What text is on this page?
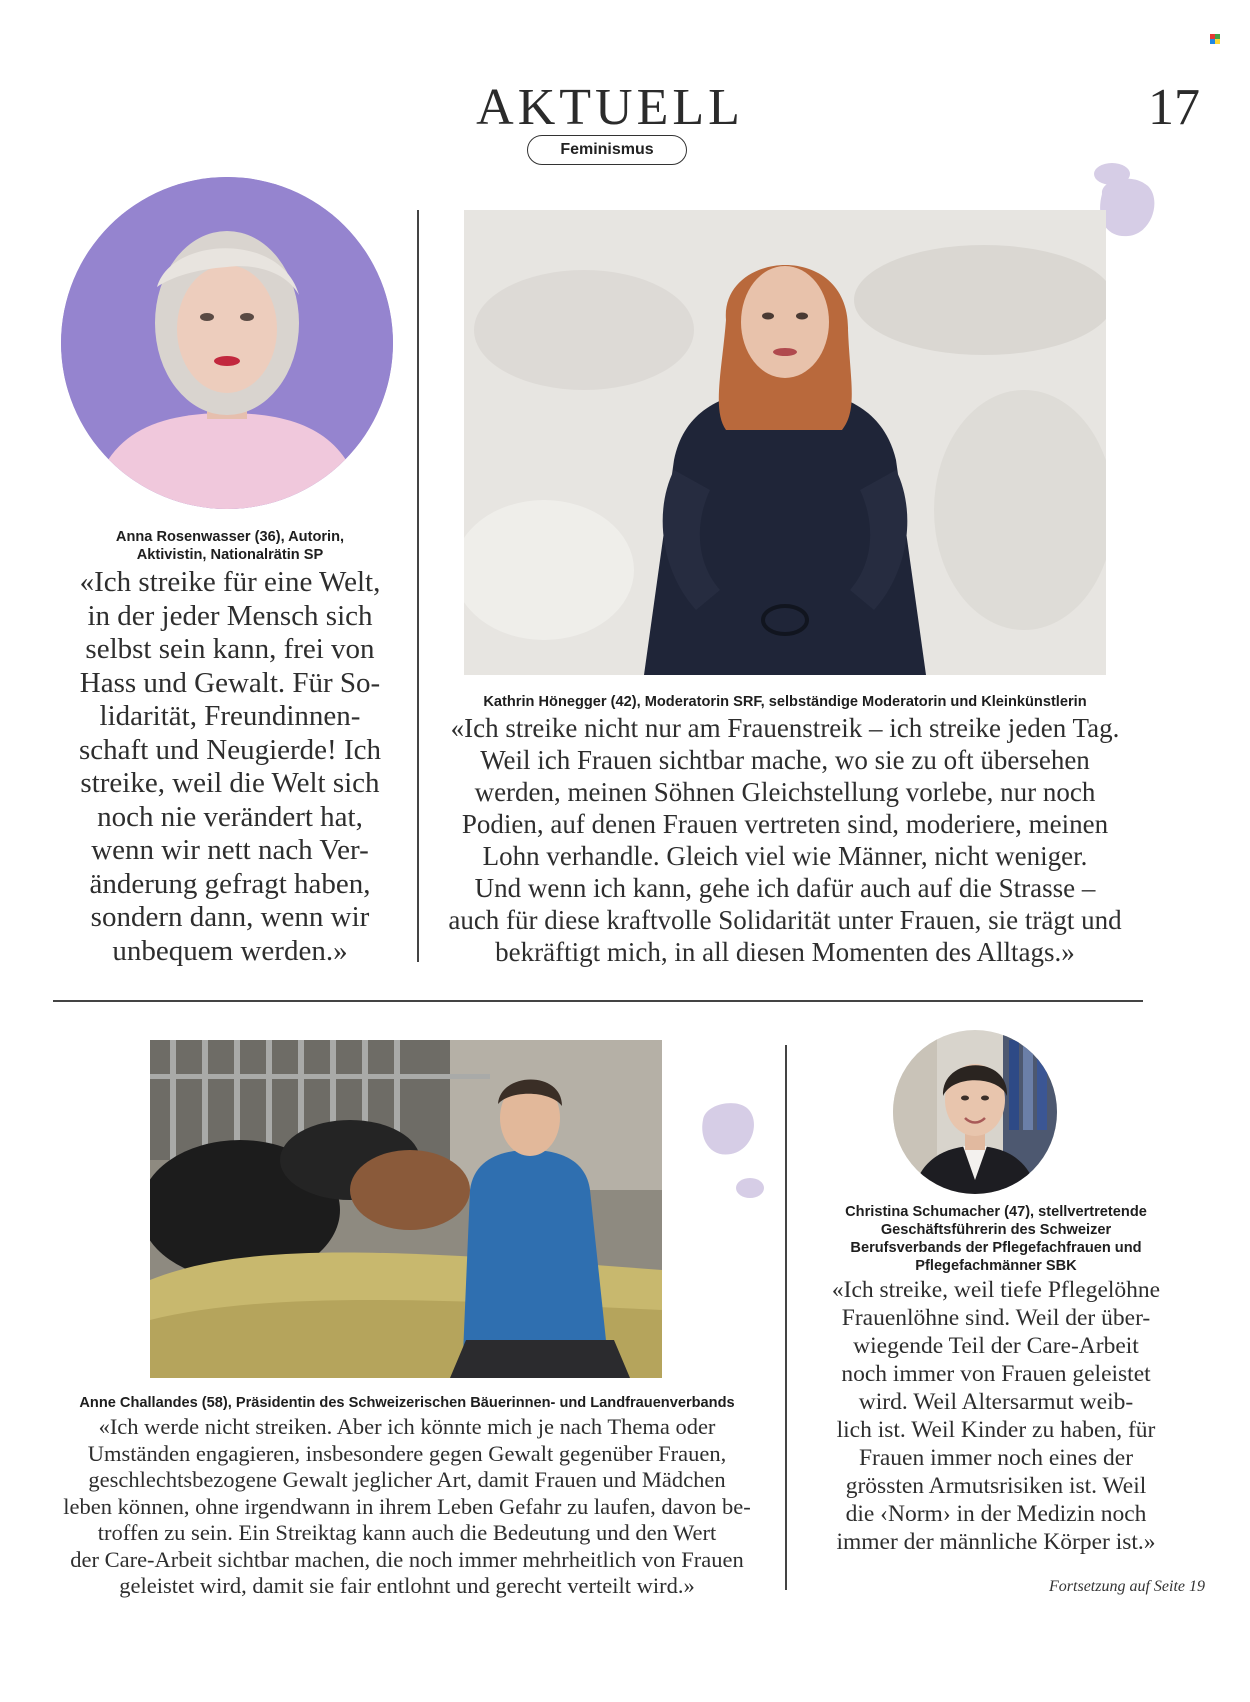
AKTUELL	17
Feminismus
Anna Rosenwasser (36), Autorin,
Aktivistin, Nationalrätin SP
«Ich streike für eine Welt,
in der jeder Mensch sich
selbst sein kann, frei von
Hass und Gewalt. Für So-
lidarität, Freundinnen-
schaft und Neugierde! Ich
streike, weil die Welt sich
noch nie verändert hat,
wenn wir nett nach Ver-
änderung gefragt haben,
sondern dann, wenn wir
unbequem werden.»
Kathrin Hönegger (42), Moderatorin SRF, selbständige Moderatorin und Kleinkünstlerin
«Ich streike nicht nur am Frauenstreik – ich streike jeden Tag.
Weil ich Frauen sichtbar mache, wo sie zu oft übersehen
werden, meinen Söhnen Gleichstellung vorlebe, nur noch
Podien, auf denen Frauen vertreten sind, moderiere, meinen
Lohn verhandle. Gleich viel wie Männer, nicht weniger.
Und wenn ich kann, gehe ich dafür auch auf die Strasse –
auch für diese kraftvolle Solidarität unter Frauen, sie trägt und
bekräftigt mich, in all diesen Momenten des Alltags.»
Anne Challandes (58), Präsidentin des Schweizerischen Bäuerinnen- und Landfrauenverbands
«Ich werde nicht streiken. Aber ich könnte mich je nach Thema oder
Umständen engagieren, insbesondere gegen Gewalt gegenüber Frauen,
geschlechtsbezogene Gewalt jeglicher Art, damit Frauen und Mädchen
leben können, ohne irgendwann in ihrem Leben Gefahr zu laufen, davon be-
troffen zu sein. Ein Streiktag kann auch die Bedeutung und den Wert
der Care-Arbeit sichtbar machen, die noch immer mehrheitlich von Frauen
geleistet wird, damit sie fair entlohnt und gerecht verteilt wird.»
Christina Schumacher (47), stellvertretende
Geschäftsführerin des Schweizer
Berufsverbands der Pflegefachfrauen und
Pflegefachmänner SBK
«Ich streike, weil tiefe Pflegelöhne
Frauenlöhne sind. Weil der über-
wiegende Teil der Care-Arbeit
noch immer von Frauen geleistet
wird. Weil Altersarmut weib-
lich ist. Weil Kinder zu haben, für
Frauen immer noch eines der
grössten Armutsrisiken ist. Weil
die ‹Norm› in der Medizin noch
immer der männliche Körper ist.»
Fortsetzung auf Seite 19
